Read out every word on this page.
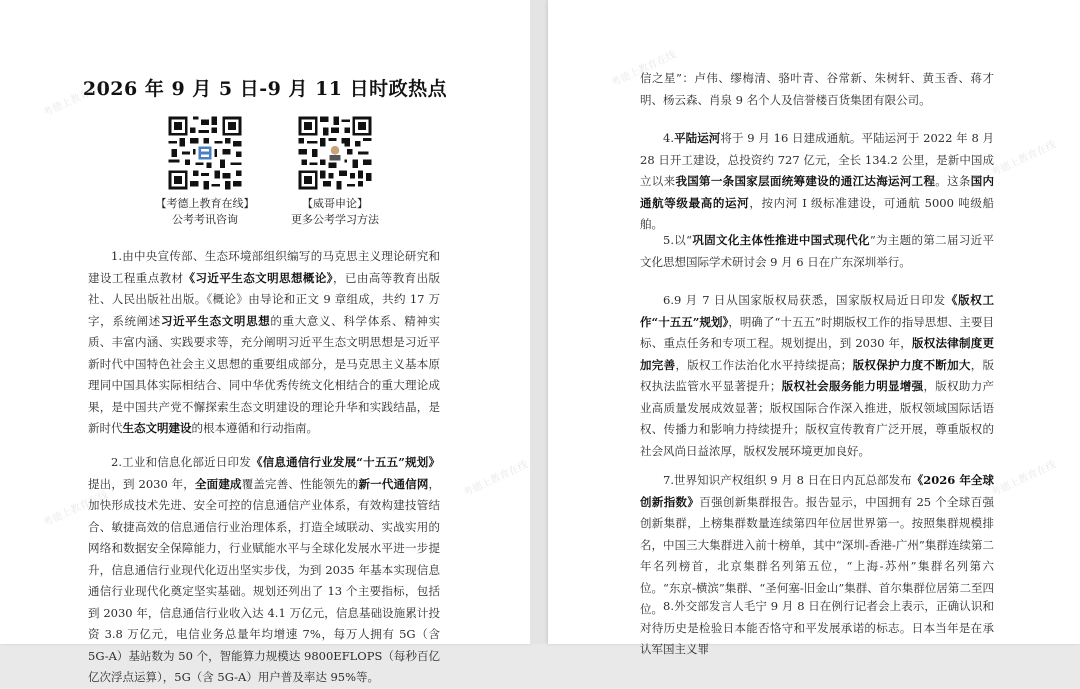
2026 年 9 月 5 日-9 月 11 日时政热点
【考德上教育在线】
公考考讯咨询
【威哥申论】
更多公考学习方法
1.由中央宣传部、生态环境部组织编写的马克思主义理论研究和建设工程重点教材《习近平生态文明思想概论》，已由高等教育出版社、人民出版社出版。《概论》由导论和正文 9 章组成，共约 17 万字，系统阐述习近平生态文明思想的重大意义、科学体系、精神实质、丰富内涵、实践要求等，充分阐明习近平生态文明思想是习近平新时代中国特色社会主义思想的重要组成部分，是马克思主义基本原理同中国具体实际相结合、同中华优秀传统文化相结合的重大理论成果，是中国共产党不懈探索生态文明建设的理论升华和实践结晶，是新时代生态文明建设的根本遵循和行动指南。
2.工业和信息化部近日印发《信息通信行业发展“十五五”规划》提出，到 2030 年，全面建成覆盖完善、性能领先的新一代通信网，加快形成技术先进、安全可控的信息通信产业体系，有效构建技管结合、敏捷高效的信息通信行业治理体系，打造全域联动、实战实用的网络和数据安全保障能力，行业赋能水平与全球化发展水平进一步提升，信息通信行业现代化迈出坚实步伐，为到 2035 年基本实现信息通信行业现代化奠定坚实基础。规划还列出了 13 个主要指标，包括到 2030 年，信息通信行业收入达 4.1 万亿元，信息基础设施累计投资 3.8 万亿元，电信业务总量年均增速 7%，每万人拥有 5G（含 5G-A）基站数为 50 个，智能算力规模达 9800EFLOPS（每秒百亿亿次浮点运算），5G（含 5G-A）用户普及率达 95%等。
考德上教育在线
考德上教育在线
考德上教育在线
信之星”：卢伟、缪梅清、骆叶青、谷常新、朱树轩、黄玉香、蒋才明、杨云森、肖泉 9 名个人及信誉楼百货集团有限公司。
4.平陆运河将于 9 月 16 日建成通航。平陆运河于 2022 年 8 月 28 日开工建设，总投资约 727 亿元，全长 134.2 公里，是新中国成立以来我国第一条国家层面统筹建设的通江达海运河工程。这条国内通航等级最高的运河，按内河 I 级标准建设，可通航 5000 吨级船舶。
5.以“巩固文化主体性推进中国式现代化”为主题的第二届习近平文化思想国际学术研讨会 9 月 6 日在广东深圳举行。
6.9 月 7 日从国家版权局获悉，国家版权局近日印发《版权工作“十五五”规划》，明确了“十五五”时期版权工作的指导思想、主要目标、重点任务和专项工程。规划提出，到 2030 年，版权法律制度更加完善，版权工作法治化水平持续提高；版权保护力度不断加大，版权执法监管水平显著提升；版权社会服务能力明显增强，版权助力产业高质量发展成效显著；版权国际合作深入推进，版权领域国际话语权、传播力和影响力持续提升；版权宣传教育广泛开展，尊重版权的社会风尚日益浓厚，版权发展环境更加良好。
7.世界知识产权组织 9 月 8 日在日内瓦总部发布《2026 年全球创新指数》百强创新集群报告。报告显示，中国拥有 25 个全球百强创新集群，上榜集群数量连续第四年位居世界第一。按照集群规模排名，中国三大集群进入前十榜单，其中“深圳-香港-广州”集群连续第二年名列榜首，北京集群名列第五位，“上海-苏州”集群名列第六位。“东京-横滨”集群、“圣何塞-旧金山”集群、首尔集群位居第二至四位。 8.外交部发言人毛宁 9 月 8 日在例行记者会上表示，正确认识和对待历史是检验日本能否恪守和平发展承诺的标志。日本当年是在承认军国主义罪
考德上教育在线
考德上教育在线
考德上教育在线
